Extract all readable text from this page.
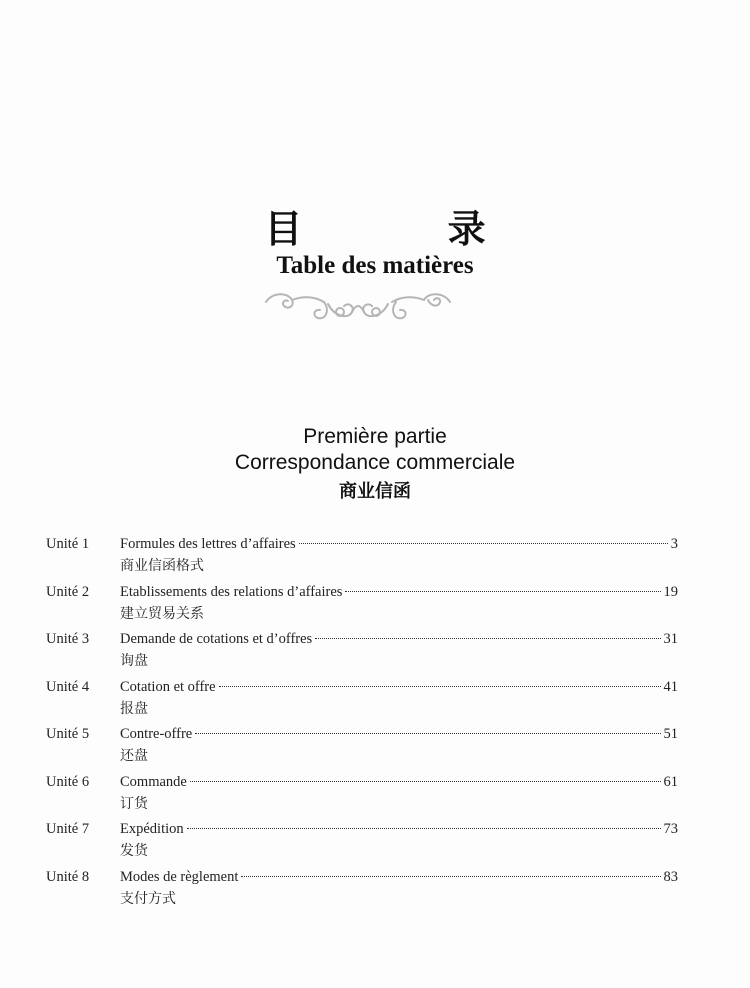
目 录
Table des matières
Première partie
Correspondance commerciale
商业信函
Unité 1 Formules des lettres d’affaires	3
商业信函格式
Unité 2 Etablissements des relations d’affaires	19
建立贸易关系
Unité 3 Demande de cotations et d’offres	31
询盘
Unité 4 Cotation et offre	41
报盘
Unité 5 Contre-offre	51
还盘
Unité 6 Commande	61
订货
Unité 7 Expédition	73
发货
Unité 8 Modes de règlement	83
支付方式
